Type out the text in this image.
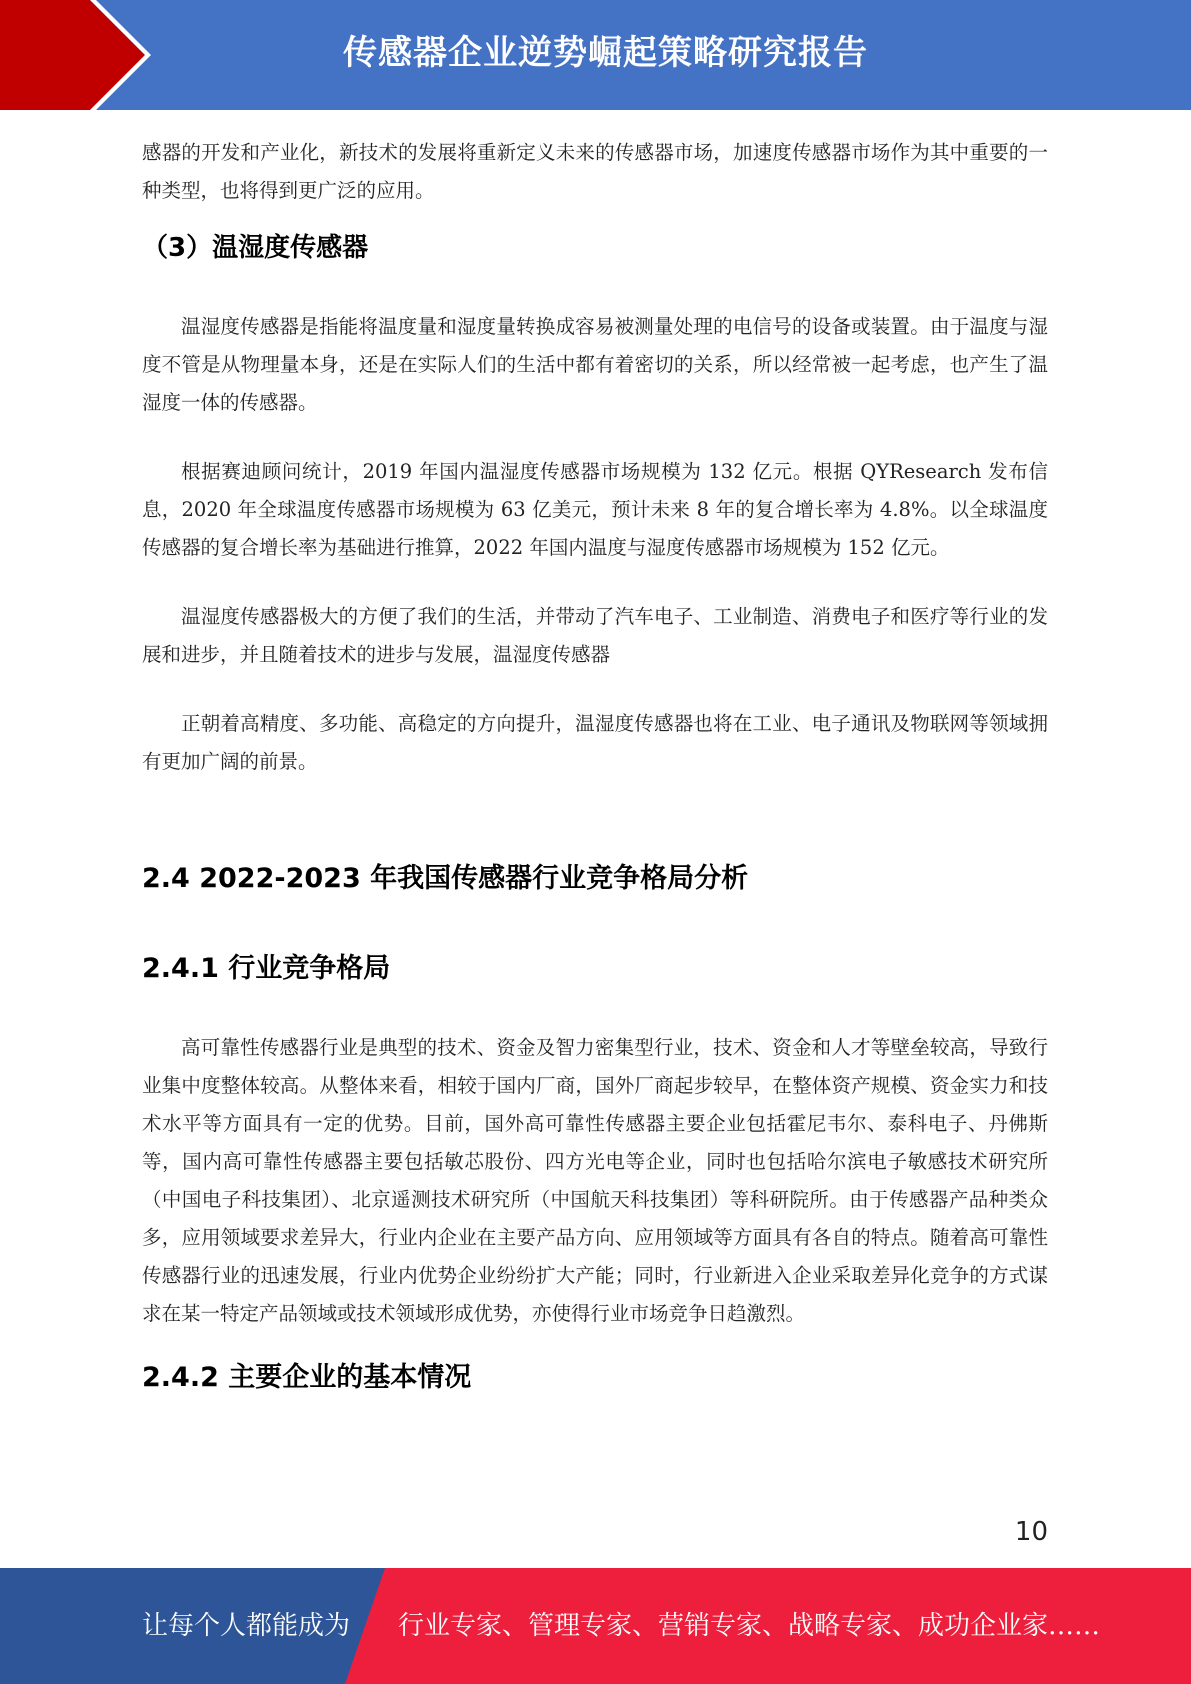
传感器企业逆势崛起策略研究报告

感器的开发和产业化，新技术的发展将重新定义未来的传感器市场，加速度传感器市场作为其中重要的一种类型，也将得到更广泛的应用。

（3）温湿度传感器

温湿度传感器是指能将温度量和湿度量转换成容易被测量处理的电信号的设备或装置。由于温度与湿度不管是从物理量本身，还是在实际人们的生活中都有着密切的关系，所以经常被一起考虑，也产生了温湿度一体的传感器。

根据赛迪顾问统计，2019 年国内温湿度传感器市场规模为 132 亿元。根据 QYResearch 发布信息，2020 年全球温度传感器市场规模为 63 亿美元，预计未来 8 年的复合增长率为 4.8%。以全球温度传感器的复合增长率为基础进行推算，2022 年国内温度与湿度传感器市场规模为 152 亿元。

温湿度传感器极大的方便了我们的生活，并带动了汽车电子、工业制造、消费电子和医疗等行业的发展和进步，并且随着技术的进步与发展，温湿度传感器

正朝着高精度、多功能、高稳定的方向提升，温湿度传感器也将在工业、电子通讯及物联网等领域拥有更加广阔的前景。

2.4 2022-2023 年我国传感器行业竞争格局分析
2.4.1 行业竞争格局

高可靠性传感器行业是典型的技术、资金及智力密集型行业，技术、资金和人才等壁垒较高，导致行业集中度整体较高。从整体来看，相较于国内厂商，国外厂商起步较早，在整体资产规模、资金实力和技术水平等方面具有一定的优势。目前，国外高可靠性传感器主要企业包括霍尼韦尔、泰科电子、丹佛斯等，国内高可靠性传感器主要包括敏芯股份、四方光电等企业，同时也包括哈尔滨电子敏感技术研究所（中国电子科技集团）、北京遥测技术研究所（中国航天科技集团）等科研院所。由于传感器产品种类众多，应用领域要求差异大，行业内企业在主要产品方向、应用领域等方面具有各自的特点。随着高可靠性传感器行业的迅速发展，行业内优势企业纷纷扩大产能；同时，行业新进入企业采取差异化竞争的方式谋求在某一特定产品领域或技术领域形成优势，亦使得行业市场竞争日趋激烈。

2.4.2 主要企业的基本情况
10
让每个人都能成为 行业专家、管理专家、营销专家、战略专家、成功企业家……
